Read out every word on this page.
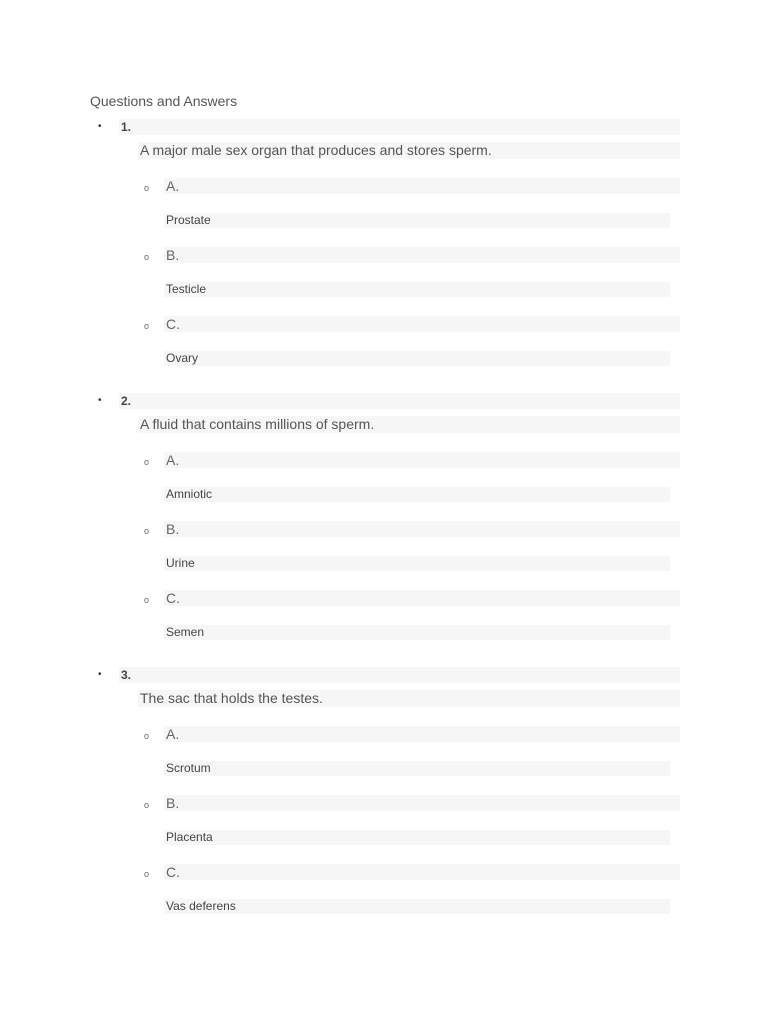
Questions and Answers
• 1.
A major male sex organ that produces and stores sperm.
o A.
Prostate
o B.
Testicle
o C.
Ovary
• 2.
A fluid that contains millions of sperm.
o A.
Amniotic
o B.
Urine
o C.
Semen
• 3.
The sac that holds the testes.
o A.
Scrotum
o B.
Placenta
o C.
Vas deferens
